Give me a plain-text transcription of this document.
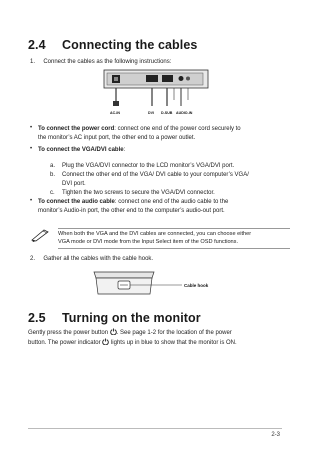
2.4 Connecting the cables
1.     Connect the cables as the following instructions:
AC-IN	DVI D-SUB AUDIO-IN
• To connect the power cord: connect one end of the power cord securely to
the monitor’s AC input port, the other end to a power outlet.
• To connect the VGA/DVI cable:
a. Plug the VGA/DVI connector to the LCD monitor’s VGA/DVI port.
b. Connect the other end of the VGA/ DVI cable to your computer’s VGA/
DVI port.
c. Tighten the two screws to secure the VGA/DVI connector.
• To connect the audio cable: connect one end of the audio cable to the
monitor’s Audio-in port, the other end to the computer’s audio-out port.
When both the VGA and the DVI cables are connected, you can choose either
VGA mode or DVI mode from the Input Select item of the OSD functions.
2.     Gather all the cables with the cable hook.
Cable hook
2.5 Turning on the monitor
Gently press the power button . See page 1-2 for the location of the power
button. The power indicator lights up in blue to show that the monitor is ON.
2-3
